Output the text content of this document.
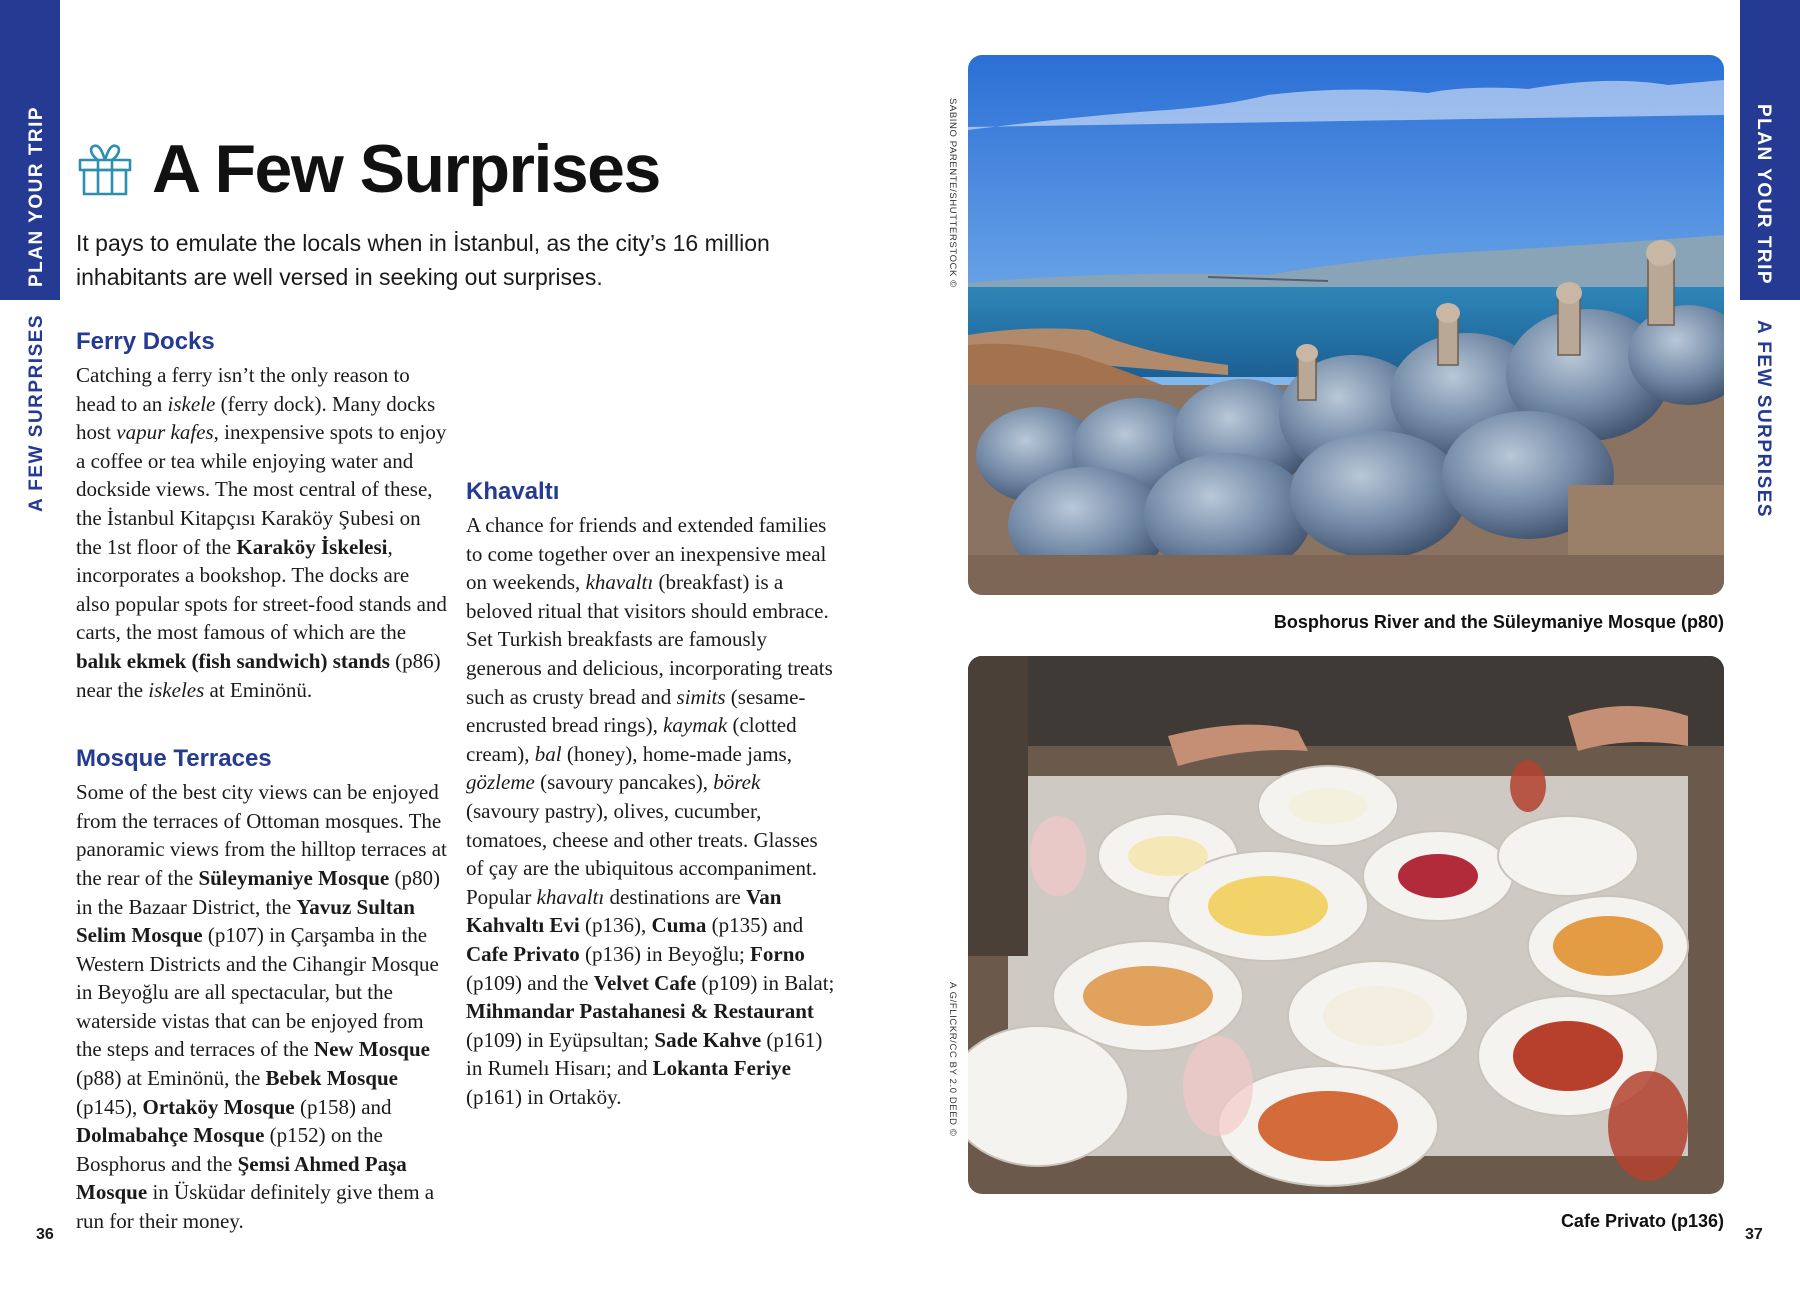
PLAN YOUR TRIP
A FEW SURPRISES
PLAN YOUR TRIP
A FEW SURPRISES
A Few Surprises
It pays to emulate the locals when in İstanbul, as the city’s 16 million
inhabitants are well versed in seeking out surprises.
Ferry Docks

Catching a ferry isn’t the only reason to head to an iskele (ferry dock). Many docks host vapur kafes, inexpensive spots to enjoy a coffee or tea while enjoying water and dockside views. The most central of these, the İstanbul Kitapçısı Karaköy Şubesi on the 1st floor of the Karaköy İskelesi, incorporates a bookshop. The docks are also popular spots for street-food stands and carts, the most famous of which are the balık ekmek (fish sandwich) stands (p86) near the iskeles at Eminönü.

Mosque Terraces

Some of the best city views can be enjoyed from the terraces of Ottoman mosques. The panoramic views from the hilltop terraces at the rear of the Süleymaniye Mosque (p80) in the Bazaar District, the Yavuz Sultan Selim Mosque (p107) in Çarşamba in the Western Districts and the Cihangir Mosque in Beyoğlu are all spectacular, but the waterside vistas that can be enjoyed from the steps and terraces of the New Mosque (p88) at Eminönü, the Bebek Mosque (p145), Ortaköy Mosque (p158) and Dolmabahçe Mosque (p152) on the Bosphorus and the Şemsi Ahmed Paşa Mosque in Üsküdar definitely give them a run for their money.

Khavaltı

A chance for friends and extended families to come together over an inexpensive meal on weekends, khavaltı (breakfast) is a beloved ritual that visitors should embrace. Set Turkish breakfasts are famously generous and delicious, incorporating treats such as crusty bread and simits (sesame-encrusted bread rings), kaymak (clotted cream), bal (honey), home-made jams, gözleme (savoury pancakes), börek (savoury pastry), olives, cucumber, tomatoes, cheese and other treats. Glasses of çay are the ubiquitous accompaniment. Popular khavaltı destinations are Van Kahvaltı Evi (p136), Cuma (p135) and Cafe Privato (p136) in Beyoğlu; Forno (p109) and the Velvet Cafe (p109) in Balat; Mihmandar Pastahanesi & Restaurant (p109) in Eyüpsultan; Sade Kahve (p161) in Rumelı Hisarı; and Lokanta Feriye (p161) in Ortaköy.

36	37
SABINO PARENTE/SHUTTERSTOCK ©
A G/FLICKR/CC BY 2.0 DEED ©
Bosphorus River and the Süleymaniye Mosque (p80)
Cafe Privato (p136)
